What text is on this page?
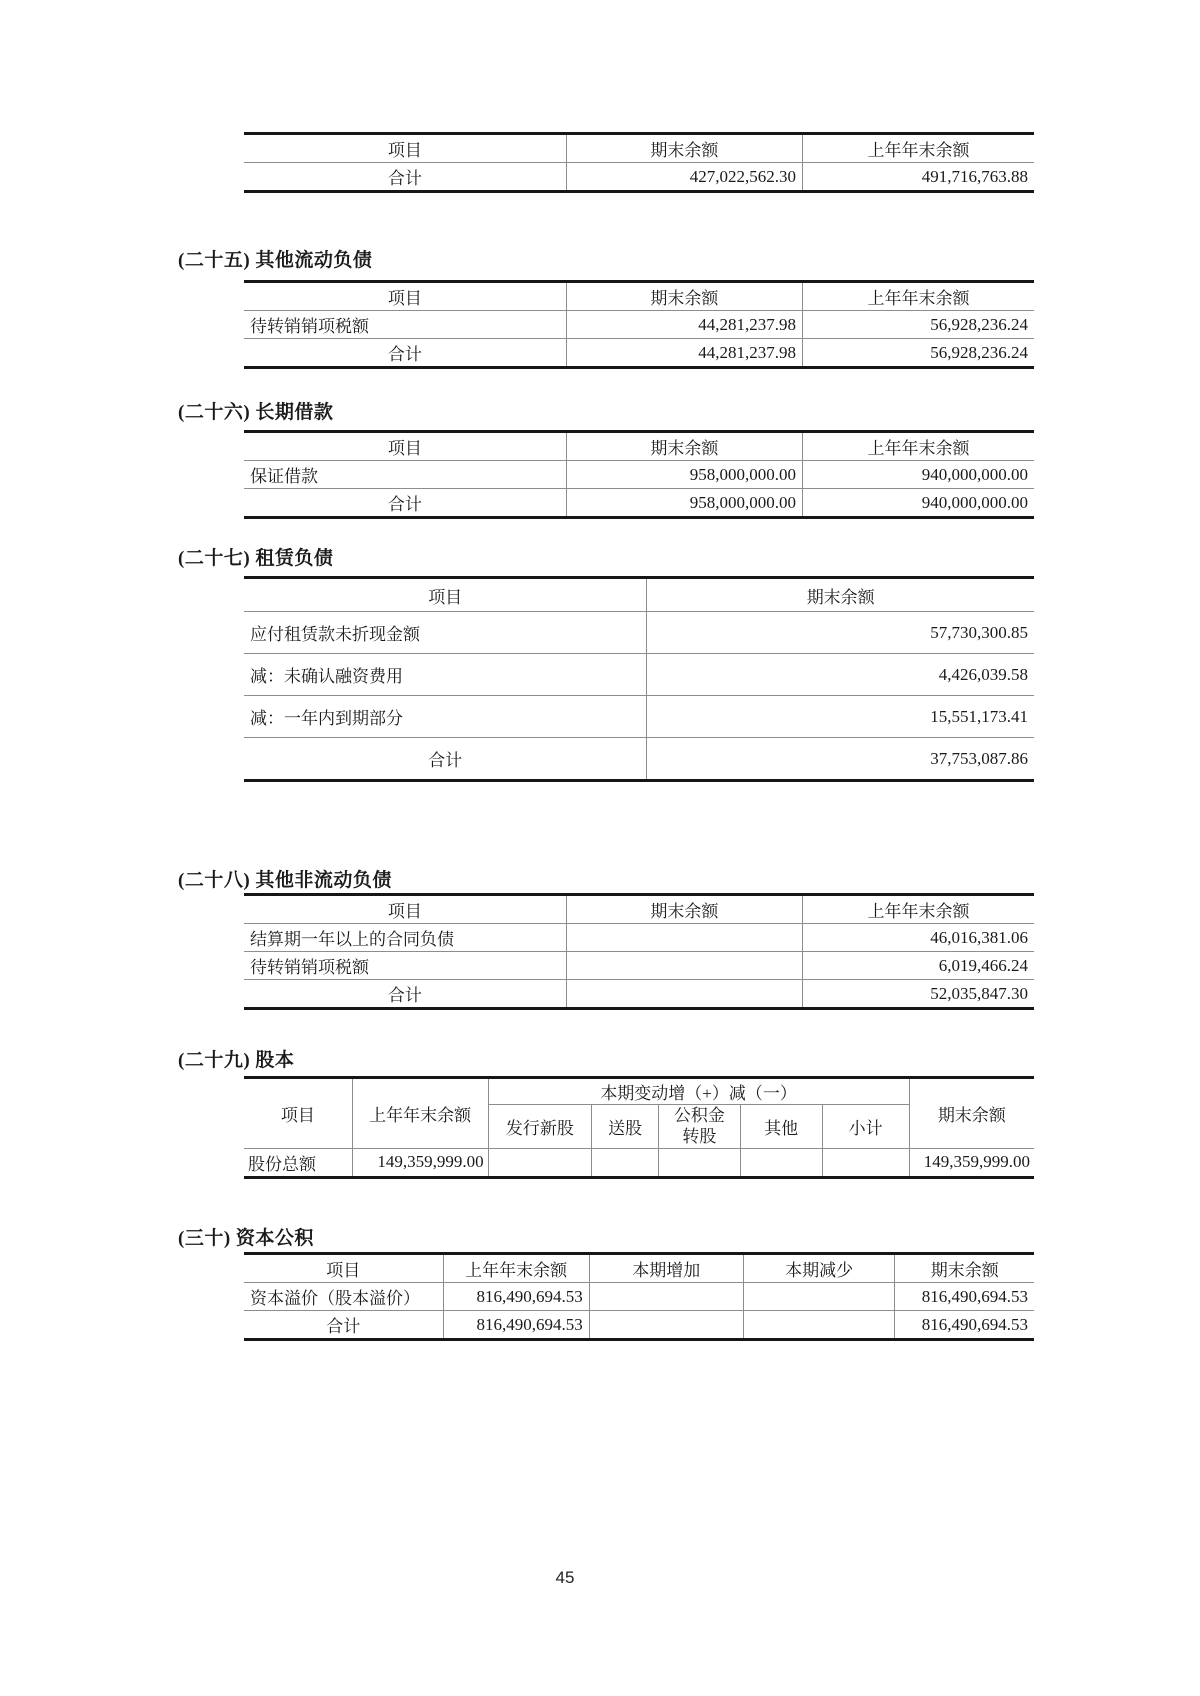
项目	期末余额	上年年末余额
合计	427,022,562.30	491,716,763.88
(二十五) 其他流动负债
项目	期末余额	上年年末余额
待转销销项税额	44,281,237.98	56,928,236.24
合计	44,281,237.98	56,928,236.24
(二十六) 长期借款
项目	期末余额	上年年末余额
保证借款	958,000,000.00	940,000,000.00
合计	958,000,000.00	940,000,000.00
(二十七) 租赁负债
项目	期末余额
应付租赁款未折现金额	57,730,300.85
减：未确认融资费用	4,426,039.58
减：一年内到期部分	15,551,173.41
合计	37,753,087.86
(二十八) 其他非流动负债
项目	期末余额	上年年末余额
结算期一年以上的合同负债		46,016,381.06
待转销销项税额		6,019,466.24
合计		52,035,847.30
(二十九) 股本
项目	上年年末余额	本期变动增（+）减（一）					期末余额
		发行新股	送股	公积金转股	其他	小计	
股份总额	149,359,999.00						149,359,999.00
(三十) 资本公积
项目	上年年末余额	本期增加	本期减少	期末余额
资本溢价（股本溢价）	816,490,694.53			816,490,694.53
合计	816,490,694.53			816,490,694.53
45
